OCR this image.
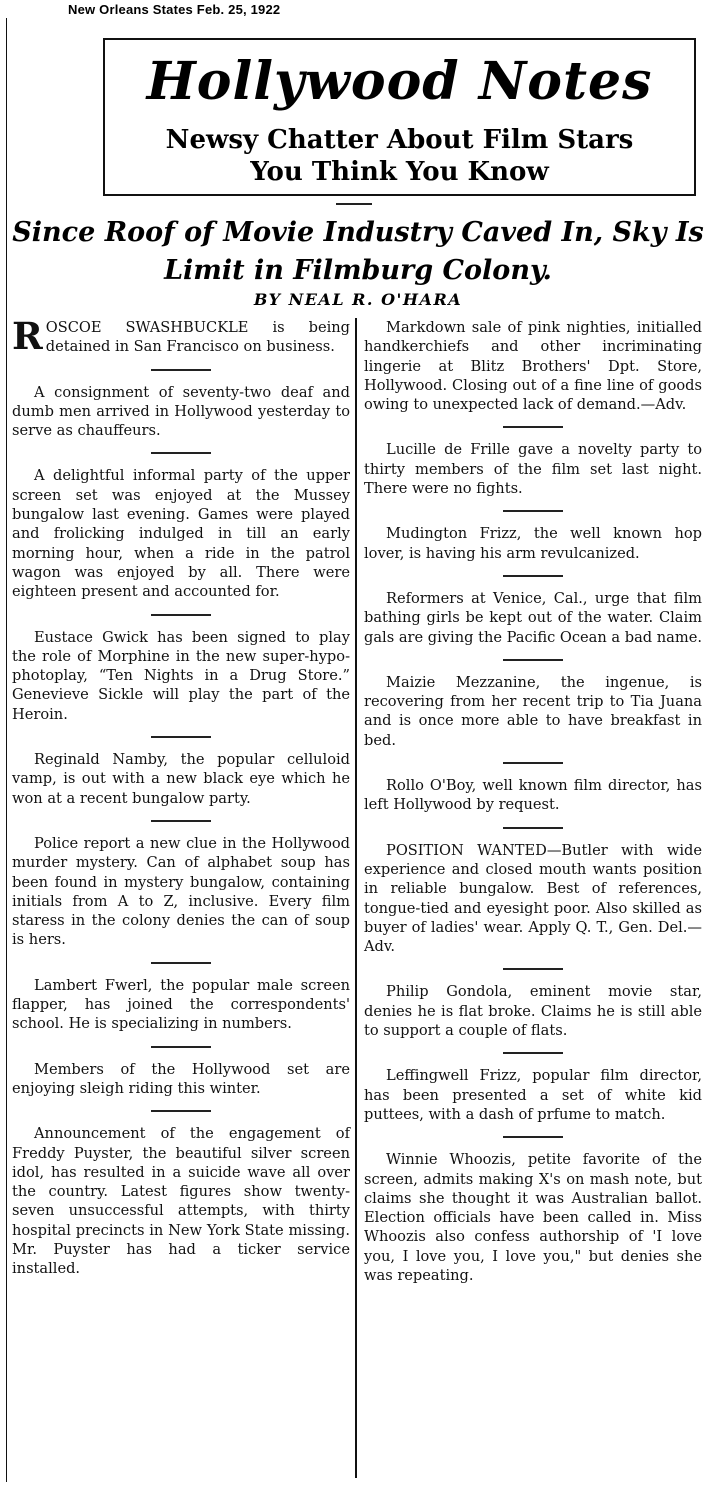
New Orleans States Feb. 25, 1922
Hollywood Notes
Newsy Chatter About Film Stars
You Think You Know
Since Roof of Movie Industry Caved In, Sky Is
Limit in Filmburg Colony.
BY NEAL R. O'HARA

ROSCOE SWASHBUCKLE is being detained in San Francisco on business.

A consignment of seventy-two deaf and dumb men arrived in Hollywood yesterday to serve as chauffeurs.

A delightful informal party of the upper screen set was enjoyed at the Mussey bungalow last evening. Games were played and frolicking indulged in till an early morning hour, when a ride in the patrol wagon was enjoyed by all. There were eighteen present and accounted for.

Eustace Gwick has been signed to play the role of Morphine in the new super-hypo-photoplay, “Ten Nights in a Drug Store.” Genevieve Sickle will play the part of the Heroin.

Reginald Namby, the popular celluloid vamp, is out with a new black eye which he won at a recent bungalow party.

Police report a new clue in the Hollywood murder mystery. Can of alphabet soup has been found in mystery bungalow, containing initials from A to Z, inclusive. Every film staress in the colony denies the can of soup is hers.

Lambert Fwerl, the popular male screen flapper, has joined the correspondents' school. He is specializing in numbers.

Members of the Hollywood set are enjoying sleigh riding this winter.

Announcement of the engagement of Freddy Puyster, the beautiful silver screen idol, has resulted in a suicide wave all over the country. Latest figures show twenty-seven unsuccessful attempts, with thirty hospital precincts in New York State missing. Mr. Puyster has had a ticker service installed.

Markdown sale of pink nighties, initialled handkerchiefs and other incriminating lingerie at Blitz Brothers' Dpt. Store, Hollywood. Closing out of a fine line of goods owing to unexpected lack of demand.—Adv.

Lucille de Frille gave a novelty party to thirty members of the film set last night. There were no fights.

Mudington Frizz, the well known hop lover, is having his arm revulcanized.

Reformers at Venice, Cal., urge that film bathing girls be kept out of the water. Claim gals are giving the Pacific Ocean a bad name.

Maizie Mezzanine, the ingenue, is recovering from her recent trip to Tia Juana and is once more able to have breakfast in bed.

Rollo O'Boy, well known film director, has left Hollywood by request.

POSITION WANTED—Butler with wide experience and closed mouth wants position in reliable bungalow. Best of references, tongue-tied and eyesight poor. Also skilled as buyer of ladies' wear. Apply Q. T., Gen. Del.—Adv.

Philip Gondola, eminent movie star, denies he is flat broke. Claims he is still able to support a couple of flats.

Leffingwell Frizz, popular film director, has been presented a set of white kid puttees, with a dash of prfume to match.

Winnie Whoozis, petite favorite of the screen, admits making X's on mash note, but claims she thought it was Australian ballot. Election officials have been called in. Miss Whoozis also confess authorship of 'I love you, I love you, I love you," but denies she was repeating.
